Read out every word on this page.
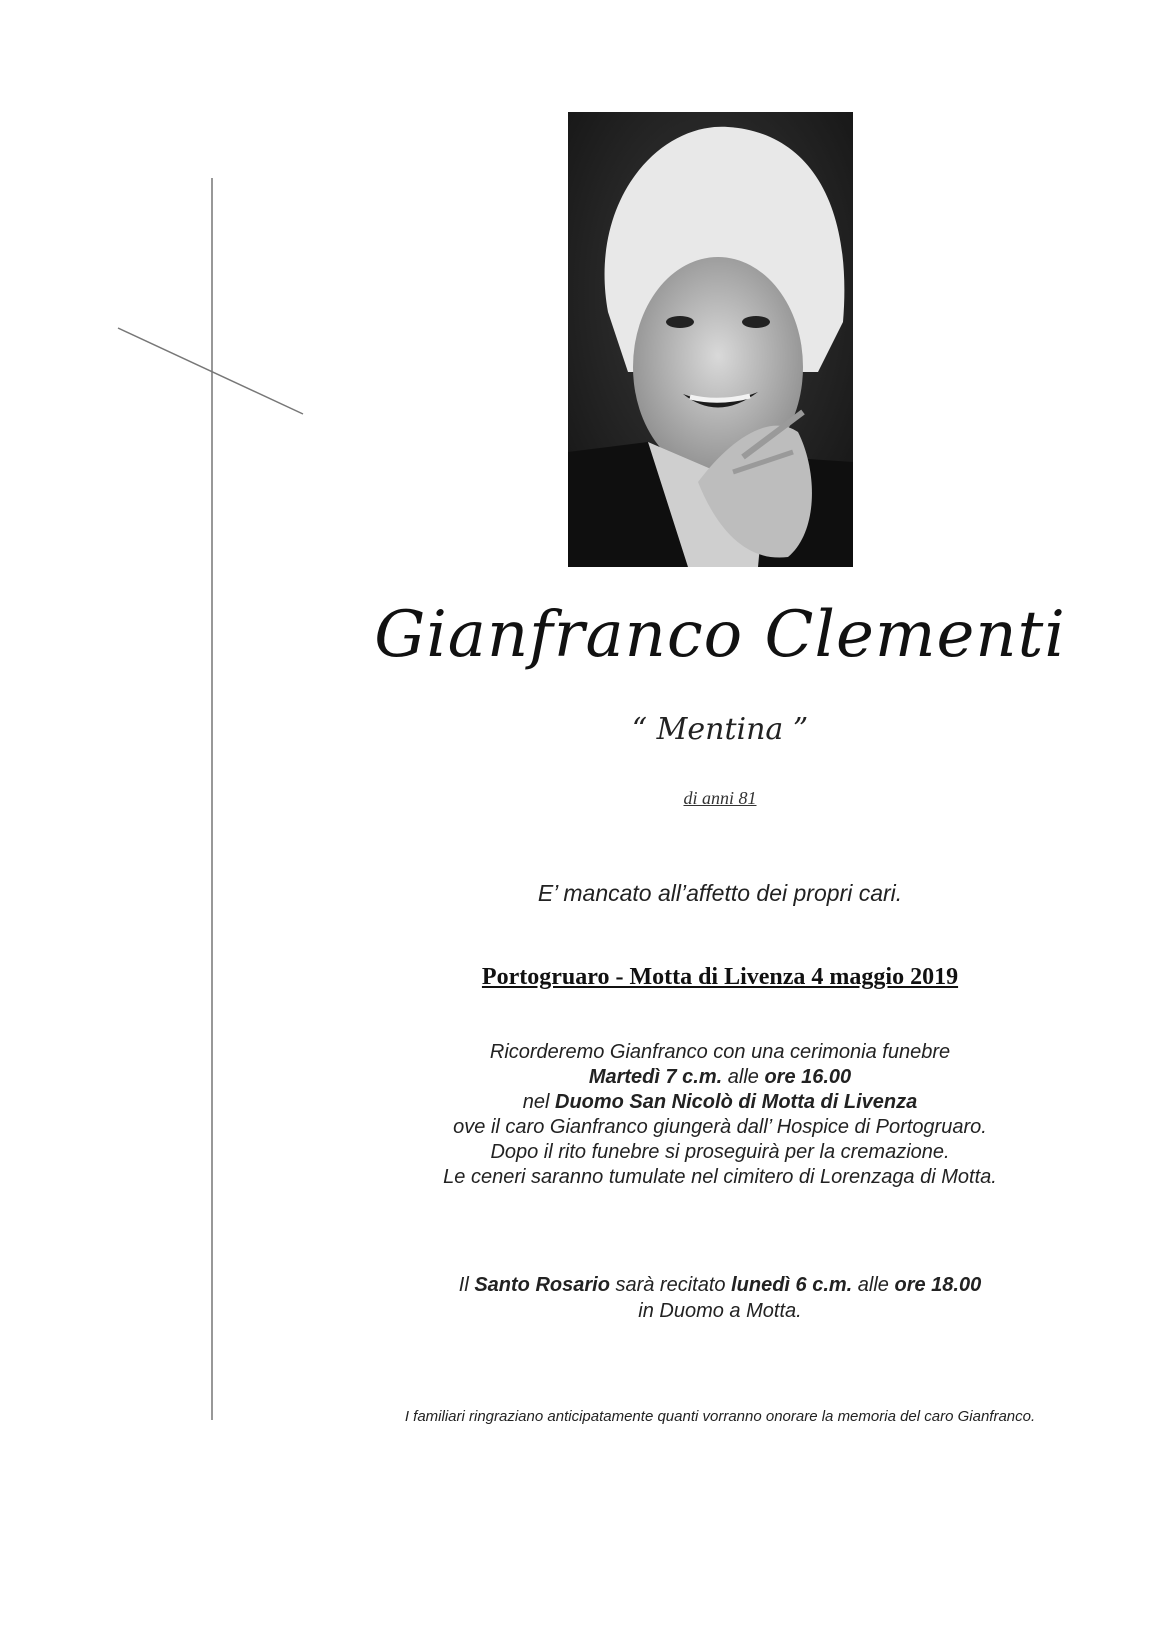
Gianfranco Clementi
“ Mentina ”
di anni 81
E’ mancato all’affetto dei propri cari.
Portogruaro - Motta di Livenza 4 maggio 2019
Ricorderemo Gianfranco con una cerimonia funebre
Martedì 7 c.m. alle ore 16.00
nel Duomo San Nicolò di Motta di Livenza
ove il caro Gianfranco giungerà dall’ Hospice di Portogruaro.
Dopo il rito funebre si proseguirà per la cremazione.
Le ceneri saranno tumulate nel cimitero di Lorenzaga di Motta.
Il Santo Rosario sarà recitato lunedì 6 c.m. alle ore 18.00
in Duomo a Motta.
I familiari ringraziano anticipatamente quanti vorranno onorare la memoria del caro Gianfranco.
